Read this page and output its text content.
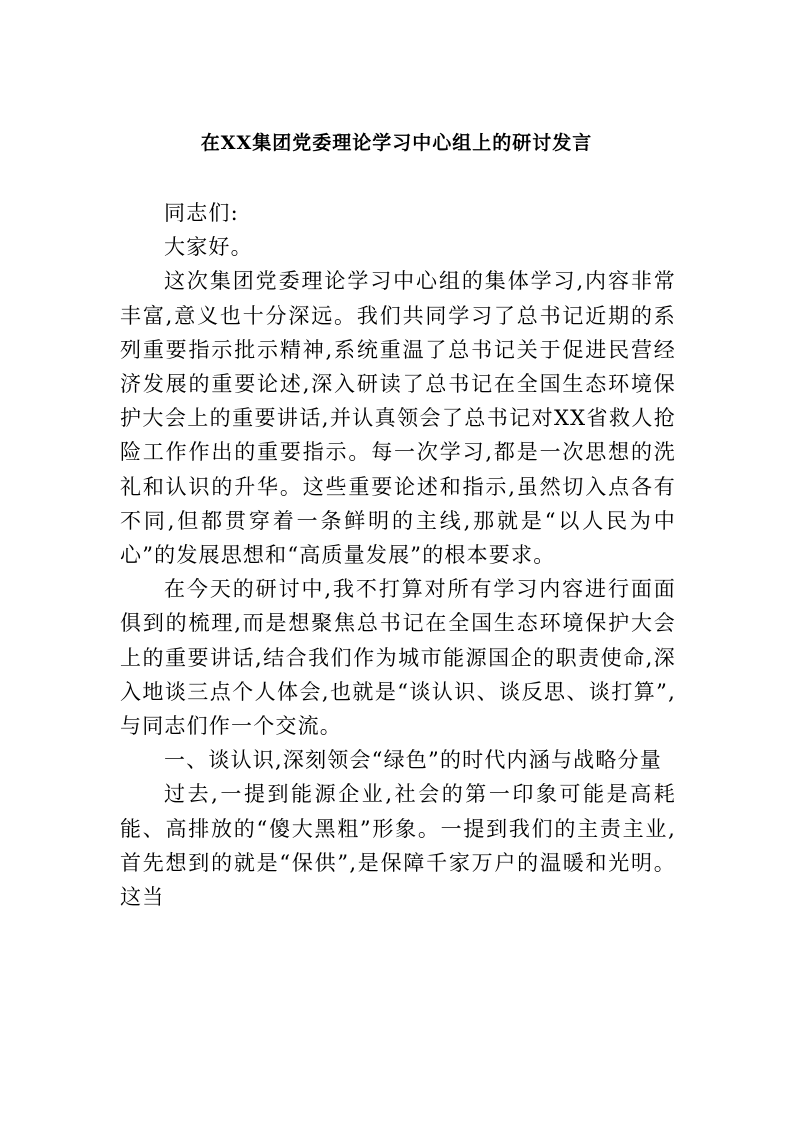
在XX集团党委理论学习中心组上的研讨发言

同志们:

大家好。

这次集团党委理论学习中心组的集体学习,内容非常丰富,意义也十分深远。我们共同学习了总书记近期的系列重要指示批示精神,系统重温了总书记关于促进民营经济发展的重要论述,深入研读了总书记在全国生态环境保护大会上的重要讲话,并认真领会了总书记对XX省救人抢险工作作出的重要指示。每一次学习,都是一次思想的洗礼和认识的升华。这些重要论述和指示,虽然切入点各有不同,但都贯穿着一条鲜明的主线,那就是“以人民为中心”的发展思想和“高质量发展”的根本要求。

在今天的研讨中,我不打算对所有学习内容进行面面俱到的梳理,而是想聚焦总书记在全国生态环境保护大会上的重要讲话,结合我们作为城市能源国企的职责使命,深入地谈三点个人体会,也就是“谈认识、谈反思、谈打算”,与同志们作一个交流。

一、谈认识,深刻领会“绿色”的时代内涵与战略分量

过去,一提到能源企业,社会的第一印象可能是高耗能、高排放的“傻大黑粗”形象。一提到我们的主责主业,首先想到的就是“保供”,是保障千家万户的温暖和光明。这当
